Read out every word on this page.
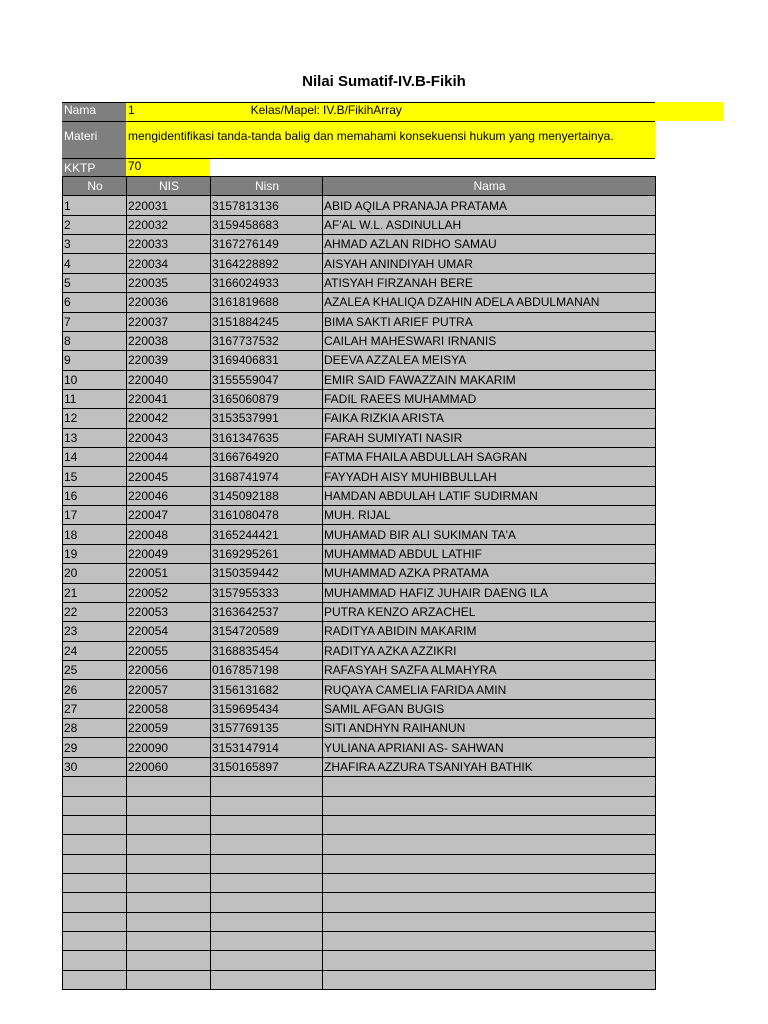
Nilai Sumatif-IV.B-Fikih
Nama	1	Kelas/Mapel: IV.B/FikihArray
Materi	mengidentifikasi tanda-tanda balig dan memahami konsekuensi hukum yang menyertainya.
KKTP	70
No	NIS	Nisn	Nama
1	220031	3157813136	ABID AQILA PRANAJA PRATAMA
2	220032	3159458683	AF'AL W.L. ASDINULLAH
3	220033	3167276149	AHMAD AZLAN RIDHO SAMAU
4	220034	3164228892	AISYAH ANINDIYAH UMAR
5	220035	3166024933	ATISYAH FIRZANAH BERE
6	220036	3161819688	AZALEA KHALIQA DZAHIN ADELA ABDULMANAN
7	220037	3151884245	BIMA SAKTI ARIEF PUTRA
8	220038	3167737532	CAILAH MAHESWARI IRNANIS
9	220039	3169406831	DEEVA AZZALEA MEISYA
10	220040	3155559047	EMIR SAID FAWAZZAIN MAKARIM
11	220041	3165060879	FADIL RAEES MUHAMMAD
12	220042	3153537991	FAIKA RIZKIA ARISTA
13	220043	3161347635	FARAH SUMIYATI NASIR
14	220044	3166764920	FATMA FHAILA ABDULLAH SAGRAN
15	220045	3168741974	FAYYADH AISY MUHIBBULLAH
16	220046	3145092188	HAMDAN ABDULAH LATIF SUDIRMAN
17	220047	3161080478	MUH. RIJAL
18	220048	3165244421	MUHAMAD BIR ALI SUKIMAN TA'A
19	220049	3169295261	MUHAMMAD ABDUL LATHIF
20	220051	3150359442	MUHAMMAD AZKA PRATAMA
21	220052	3157955333	MUHAMMAD HAFIZ JUHAIR DAENG ILA
22	220053	3163642537	PUTRA KENZO ARZACHEL
23	220054	3154720589	RADITYA ABIDIN MAKARIM
24	220055	3168835454	RADITYA AZKA AZZIKRI
25	220056	0167857198	RAFASYAH SAZFA ALMAHYRA
26	220057	3156131682	RUQAYA CAMELIA FARIDA AMIN
27	220058	3159695434	SAMIL AFGAN BUGIS
28	220059	3157769135	SITI ANDHYN RAIHANUN
29	220090	3153147914	YULIANA APRIANI AS- SAHWAN
30	220060	3150165897	ZHAFIRA AZZURA TSANIYAH BATHIK
